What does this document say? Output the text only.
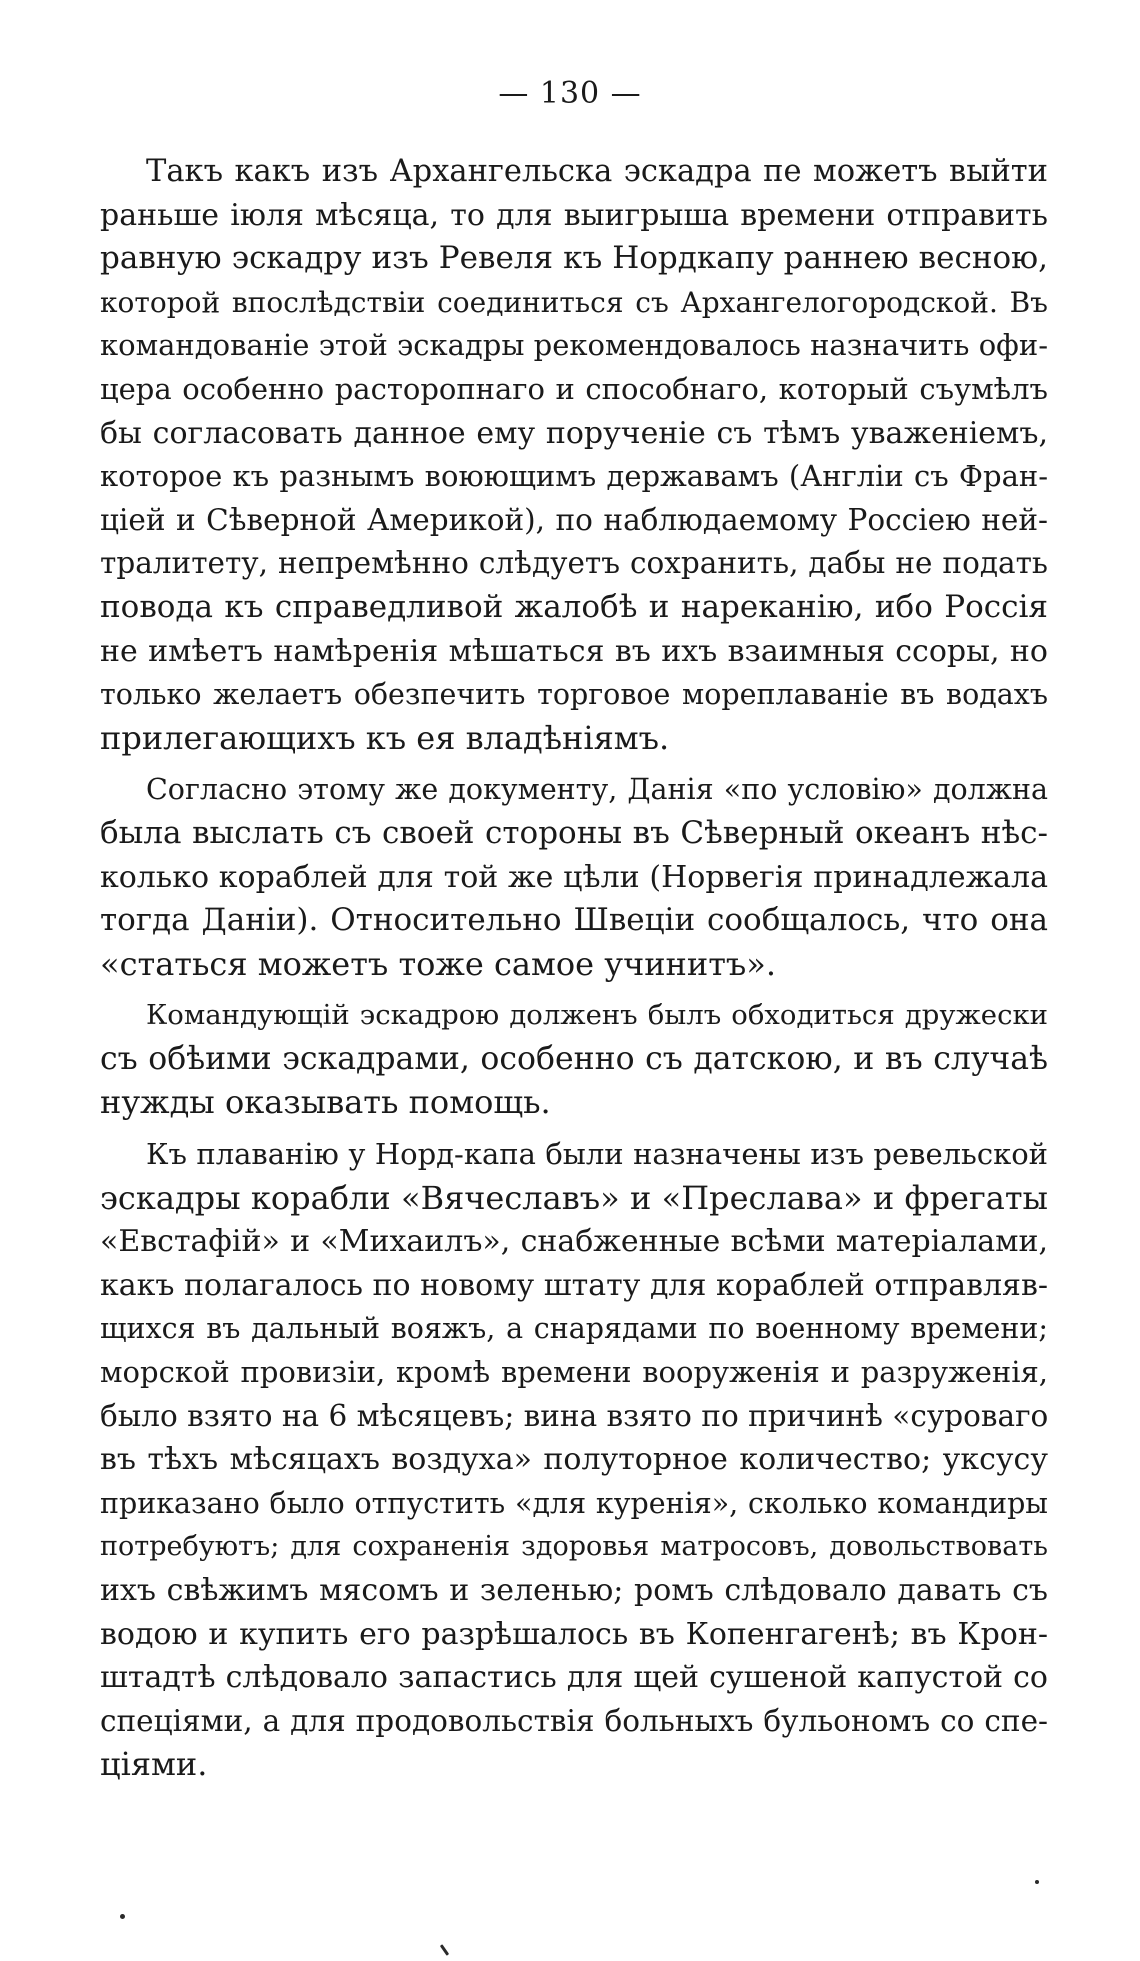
— 130 —
Такъ какъ изъ Архангельска эскадра пе можетъ выйти
раньше іюля мѣсяца, то для выигрыша времени отправить
равную эскадру изъ Ревеля къ Нордкапу раннею весною,
которой впослѣдствіи соединиться съ Архангелогородской. Въ
командованіе этой эскадры рекомендовалось назначить офи-
цера особенно расторопнаго и способнаго, который съумѣлъ
бы согласовать данное ему порученіе съ тѣмъ уваженіемъ,
которое къ разнымъ воюющимъ державамъ (Англіи съ Фран-
ціей и Сѣверной Америкой), по наблюдаемому Россіею ней-
тралитету, непремѣнно слѣдуетъ сохранить, дабы не подать
повода къ справедливой жалобѣ и нареканію, ибо Россія
не имѣетъ намѣренія мѣшаться въ ихъ взаимныя ссоры, но
только желаетъ обезпечить торговое мореплаваніе въ водахъ
прилегающихъ къ ея владѣніямъ.
Согласно этому же документу, Данія «по условію» должна
была выслать съ своей стороны въ Сѣверный океанъ нѣс-
колько кораблей для той же цѣли (Норвегія принадлежала
тогда Даніи). Относительно Швеціи сообщалось, что она
«статься можетъ тоже самое учинитъ».
Командующій эскадрою долженъ былъ обходиться дружески
съ обѣими эскадрами, особенно съ датскою, и въ случаѣ
нужды оказывать помощь.
Къ плаванію у Норд-капа были назначены изъ ревельской
эскадры корабли «Вячеславъ» и «Преслава» и фрегаты
«Евстафій» и «Михаилъ», снабженные всѣми матеріалами,
какъ полагалось по новому штату для кораблей отправляв-
щихся въ дальный вояжъ, а снарядами по военному времени;
морской провизіи, кромѣ времени вооруженія и разруженія,
было взято на 6 мѣсяцевъ; вина взято по причинѣ «суроваго
въ тѣхъ мѣсяцахъ воздуха» полуторное количество; уксусу
приказано было отпустить «для куренія», сколько командиры
потребуютъ; для сохраненія здоровья матросовъ, довольствовать
ихъ свѣжимъ мясомъ и зеленью; ромъ слѣдовало давать съ
водою и купить его разрѣшалось въ Копенгагенѣ; въ Крон-
штадтѣ слѣдовало запастись для щей сушеной капустой со
спеціями, а для продовольствія больныхъ бульономъ со спе-
ціями.
